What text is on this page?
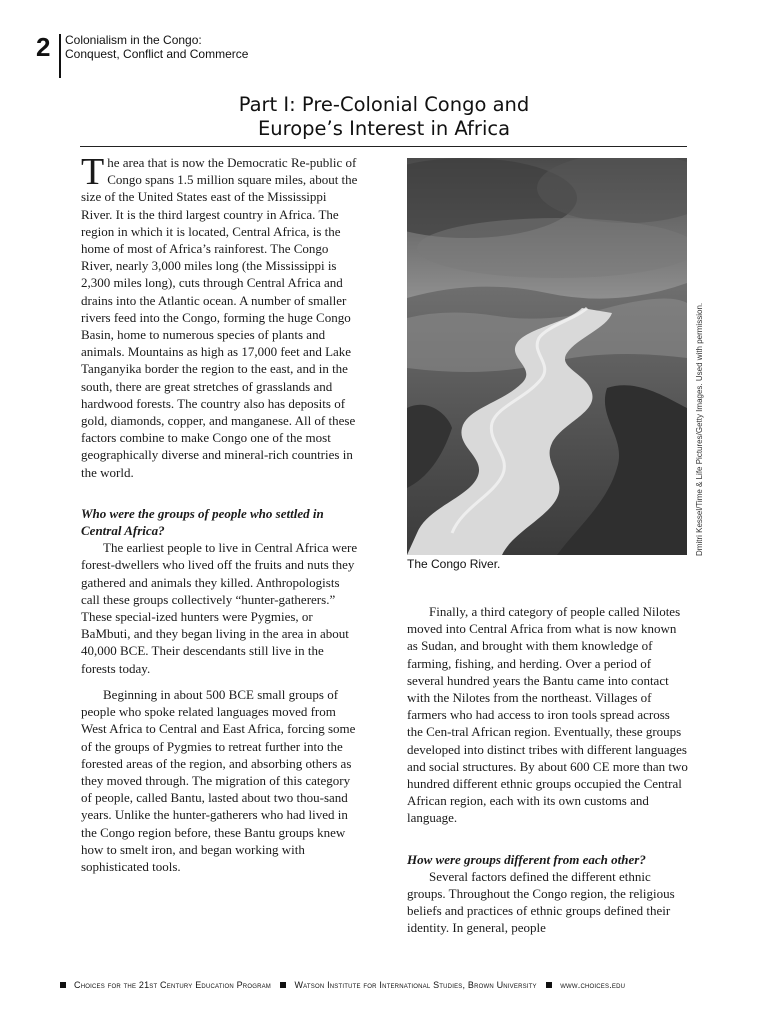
2 Colonialism in the Congo:
Conquest, Conflict and Commerce
Part I: Pre-Colonial Congo and
Europe’s Interest in Africa

The area that is now the Democratic Re-public of Congo spans 1.5 million square miles, about the size of the United States east of the Mississippi River. It is the third largest country in Africa. The region in which it is located, Central Africa, is the home of most of Africa’s rainforest. The Congo River, nearly 3,000 miles long (the Mississippi is 2,300 miles long), cuts through Central Africa and drains into the Atlantic ocean. A number of smaller rivers feed into the Congo, forming the huge Congo Basin, home to numerous species of plants and animals. Mountains as high as 17,000 feet and Lake Tanganyika border the region to the east, and in the south, there are great stretches of grasslands and hardwood forests. The country also has deposits of gold, diamonds, copper, and manganese. All of these factors combine to make Congo one of the most geographically diverse and mineral-rich countries in the world.

Who were the groups of people who settled in Central Africa?

The earliest people to live in Central Africa were forest-dwellers who lived off the fruits and nuts they gathered and animals they killed. Anthropologists call these groups collectively “hunter-gatherers.” These special-ized hunters were Pygmies, or BaMbuti, and they began living in the area in about 40,000 BCE. Their descendants still live in the forests today.

Beginning in about 500 BCE small groups of people who spoke related languages moved from West Africa to Central and East Africa, forcing some of the groups of Pygmies to retreat further into the forested areas of the region, and absorbing others as they moved through. The migration of this category of people, called Bantu, lasted about two thou-sand years. Unlike the hunter-gatherers who had lived in the Congo region before, these Bantu groups knew how to smelt iron, and began working with sophisticated tools.

Dmitri Kessel/Time & Life Pictures/Getty Images. Used with permission.
The Congo River.

Finally, a third category of people called Nilotes moved into Central Africa from what is now known as Sudan, and brought with them knowledge of farming, fishing, and herding. Over a period of several hundred years the Bantu came into contact with the Nilotes from the northeast. Villages of farmers who had access to iron tools spread across the Cen-tral African region. Eventually, these groups developed into distinct tribes with different languages and social structures. By about 600 CE more than two hundred different ethnic groups occupied the Central African region, each with its own customs and language.

How were groups different from each other?

Several factors defined the different ethnic groups. Throughout the Congo region, the religious beliefs and practices of ethnic groups defined their identity. In general, people

Choices for the 21st Century Education Program	Watson Institute for International Studies, Brown University	www.choices.edu
